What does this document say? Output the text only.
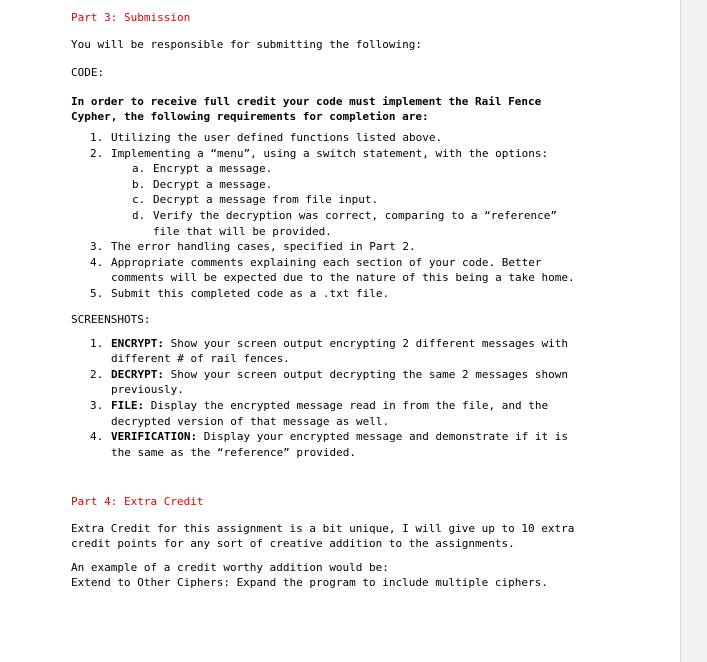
Part 3: Submission

You will be responsible for submitting the following:

CODE:

In order to receive full credit your code must implement the Rail Fence

Cypher, the following requirements for completion are:

1. Utilizing the user defined functions listed above.
2. Implementing a “menu”, using a switch statement, with the options:
a. Encrypt a message.
b. Decrypt a message.
c. Decrypt a message from file input.
d. Verify the decryption was correct, comparing to a “reference”
file that will be provided.
3. The error handling cases, specified in Part 2.
4. Appropriate comments explaining each section of your code. Better
comments will be expected due to the nature of this being a take home.
5. Submit this completed code as a .txt file.

SCREENSHOTS:

1. ENCRYPT: Show your screen output encrypting 2 different messages with
different # of rail fences.
2. DECRYPT: Show your screen output decrypting the same 2 messages shown
previously.
3. FILE: Display the encrypted message read in from the file, and the
decrypted version of that message as well.
4. VERIFICATION: Display your encrypted message and demonstrate if it is
the same as the “reference” provided.

Part 4: Extra Credit

Extra Credit for this assignment is a bit unique, I will give up to 10 extra

credit points for any sort of creative addition to the assignments.

An example of a credit worthy addition would be:

Extend to Other Ciphers: Expand the program to include multiple ciphers.
